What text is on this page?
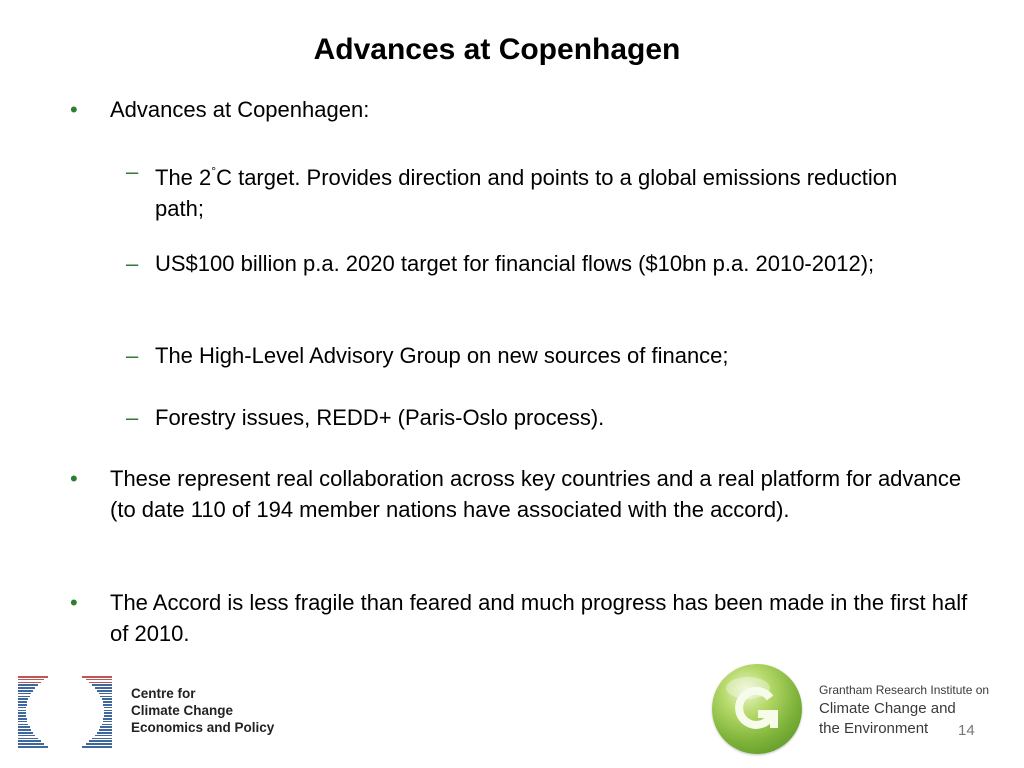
Advances at Copenhagen
• Advances at Copenhagen:
– The 2°C target. Provides direction and points to a global emissions reduction path;
– US$100 billion p.a. 2020 target for financial flows ($10bn p.a. 2010-2012);
– The High-Level Advisory Group on new sources of finance;
– Forestry issues, REDD+ (Paris-Oslo process).
• These represent real collaboration across key countries and a real platform for advance (to date 110 of 194 member nations have associated with the accord).
• The Accord is less fragile than feared and much progress has been made in the first half of 2010.
Centre for
Climate Change
Economics and Policy
Grantham Research Institute on
Climate Change and
the Environment	14
